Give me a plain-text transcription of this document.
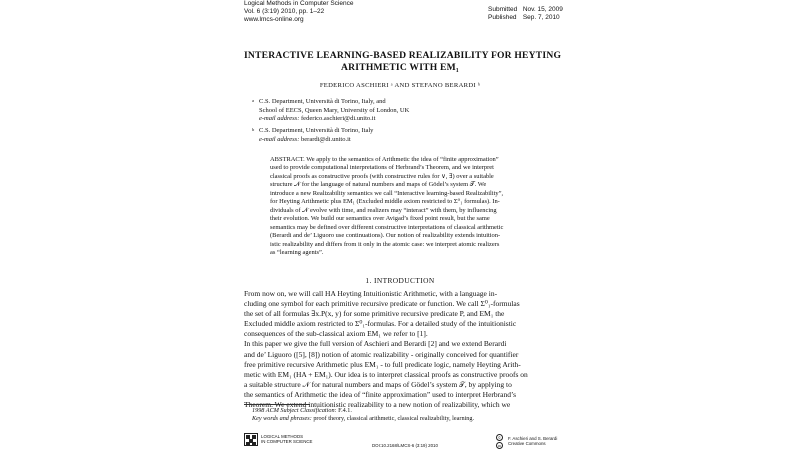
Logical Methods in Computer Science
Vol. 6 (3:19) 2010, pp. 1–22
www.lmcs-online.org
Submitted Nov. 15, 2009
Published Sep. 7, 2010
INTERACTIVE LEARNING-BASED REALIZABILITY FOR HEYTING
ARITHMETIC WITH EM₁
FEDERICO ASCHIERI ᵃ AND STEFANO BERARDI ᵇ
a C.S. Department, Università di Torino, Italy, and
School of EECS, Queen Mary, University of London, UK
e-mail address: federico.aschieri@di.unito.it
b C.S. Department, Università di Torino, Italy
e-mail address: berardi@di.unito.it
ABSTRACT. We apply to the semantics of Arithmetic the idea of “finite approximation”
used to provide computational interpretations of Herbrand’s Theorem, and we interpret
classical proofs as constructive proofs (with constructive rules for ∨, ∃) over a suitable
structure 𝒩 for the language of natural numbers and maps of Gödel’s system 𝒯. We
introduce a new Realizability semantics we call “Interactive learning-based Realizability”,
for Heyting Arithmetic plus EM₁ (Excluded middle axiom restricted to Σ⁰₁ formulas). In-
dividuals of 𝒩 evolve with time, and realizers may “interact” with them, by influencing
their evolution. We build our semantics over Avigad’s fixed point result, but the same
semantics may be defined over different constructive interpretations of classical arithmetic
(Berardi and de’ Liguoro use continuations). Our notion of realizability extends intuition-
istic realizability and differs from it only in the atomic case: we interpret atomic realizers
as “learning agents”.
1. INTRODUCTION
From now on, we will call HA Heyting Intuitionistic Arithmetic, with a language in-
cluding one symbol for each primitive recursive predicate or function. We call Σ⁰₁-formulas
the set of all formulas ∃x.P(x, y) for some primitive recursive predicate P, and EM₁ the
Excluded middle axiom restricted to Σ⁰₁-formulas. For a detailed study of the intuitionistic
consequences of the sub-classical axiom EM₁ we refer to [1].
In this paper we give the full version of Aschieri and Berardi [2] and we extend Berardi
and de’ Liguoro ([5], [8]) notion of atomic realizability - originally conceived for quantifier
free primitive recursive Arithmetic plus EM₁ - to full predicate logic, namely Heyting Arith-
metic with EM₁ (HA + EM₁). Our idea is to interpret classical proofs as constructive proofs on
a suitable structure 𝒩 for natural numbers and maps of Gödel’s system 𝒯, by applying to
the semantics of Arithmetic the idea of “finite approximation” used to interpret Herbrand’s
Theorem. We extend intuitionistic realizability to a new notion of realizability, which we
1998 ACM Subject Classification: F.4.1.
Key words and phrases: proof theory, classical arithmetic, classical realizability, learning.
LOGICAL METHODS
IN COMPUTER SCIENCE
DOI:10.2168/LMCS-6 (3:19) 2010
©
cc
F. Aschieri and S. Berardi
Creative Commons
